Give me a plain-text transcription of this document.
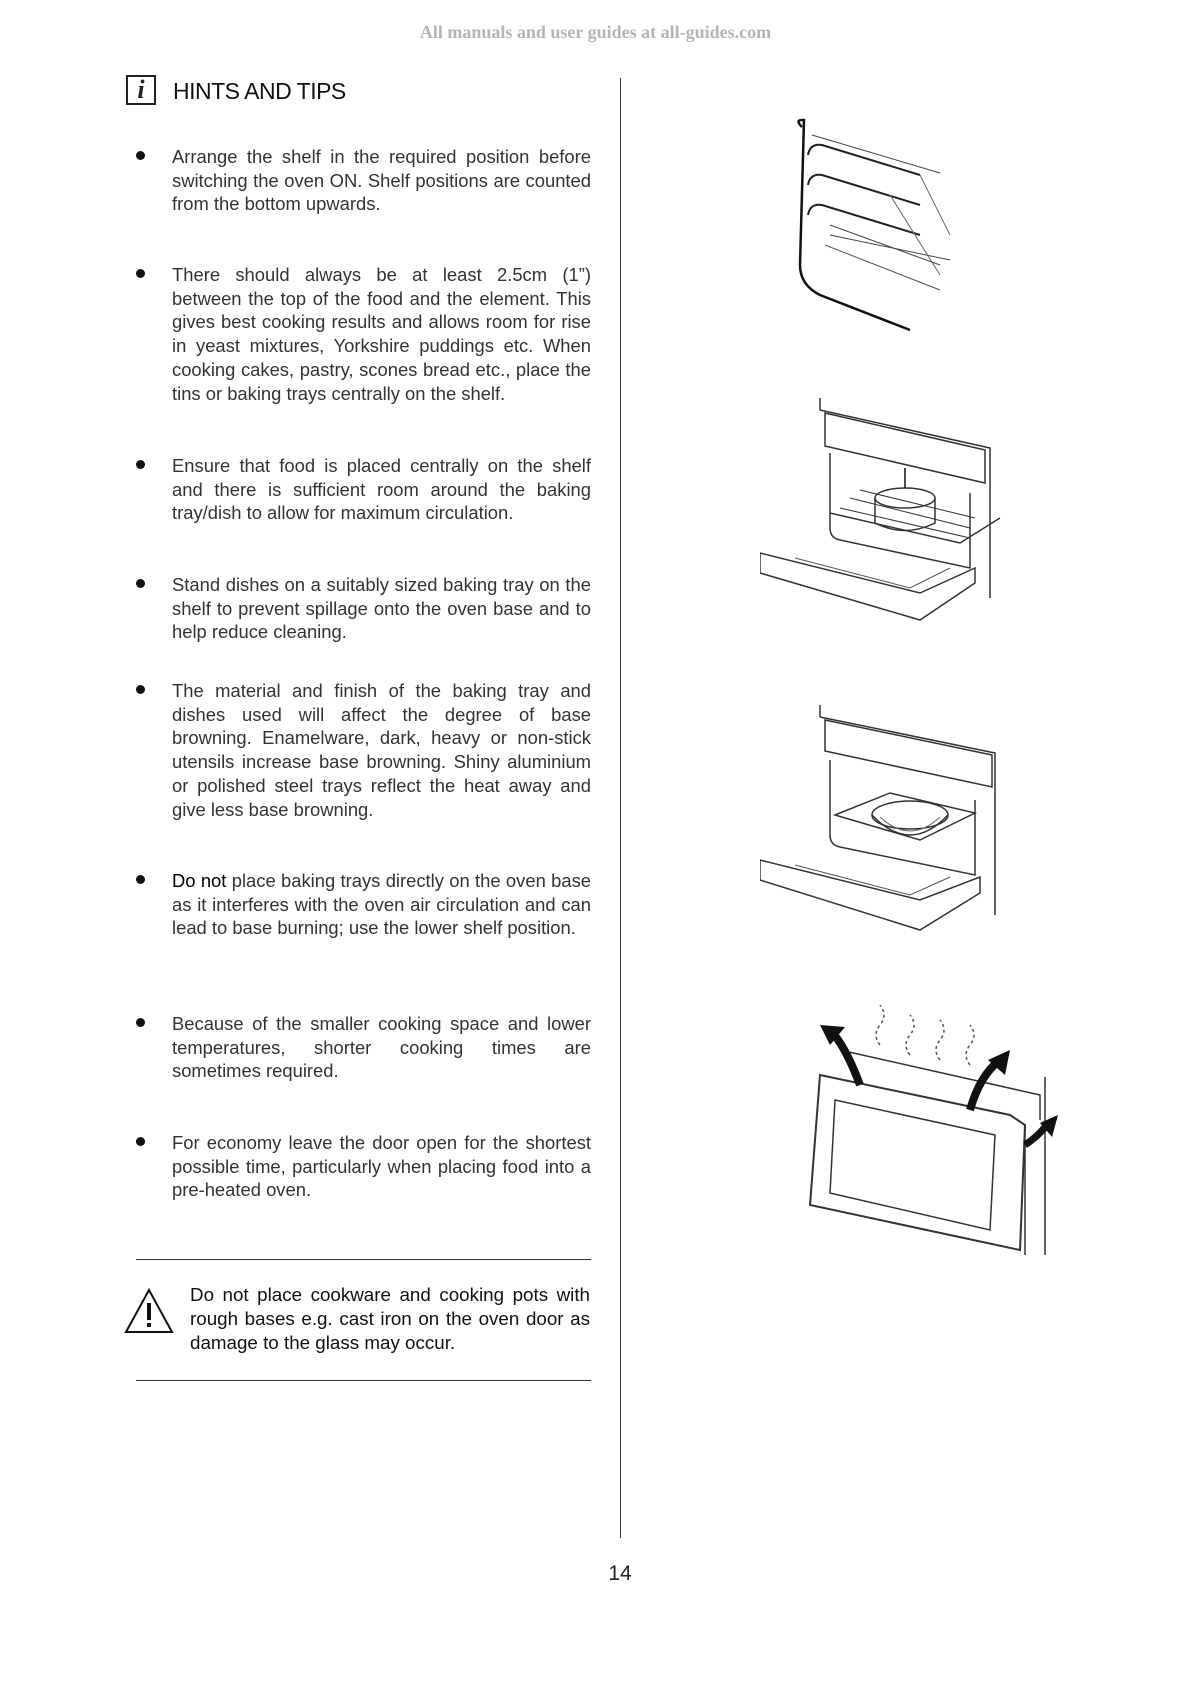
All manuals and user guides at all-guides.com
i	HINTS AND TIPS
Arrange the shelf in the required position before switching the oven ON. Shelf positions are counted from the bottom upwards.
There should always be at least 2.5cm (1”) between the top of the food and the element. This gives best cooking results and allows room for rise in yeast mixtures, Yorkshire puddings etc. When cooking cakes, pastry, scones bread etc., place the tins or baking trays centrally on the shelf.
Ensure that food is placed centrally on the shelf and there is sufficient room around the baking tray/dish to allow for maximum circulation.
Stand dishes on a suitably sized baking tray on the shelf to prevent spillage onto the oven base and to help reduce cleaning.
The material and finish of the baking tray and dishes used will affect the degree of base browning. Enamelware, dark, heavy or non-stick utensils increase base browning. Shiny aluminium or polished steel trays reflect the heat away and give less base browning.
Do not place baking trays directly on the oven base as it interferes with the oven air circulation and can lead to base burning; use the lower shelf position.
Because of the smaller cooking space and lower temperatures, shorter cooking times are sometimes required.
For economy leave the door open for the shortest possible time, particularly when placing food into a pre-heated oven.
Do not place cookware and cooking pots with rough bases e.g. cast iron on the oven door as damage to the glass may occur.
14
